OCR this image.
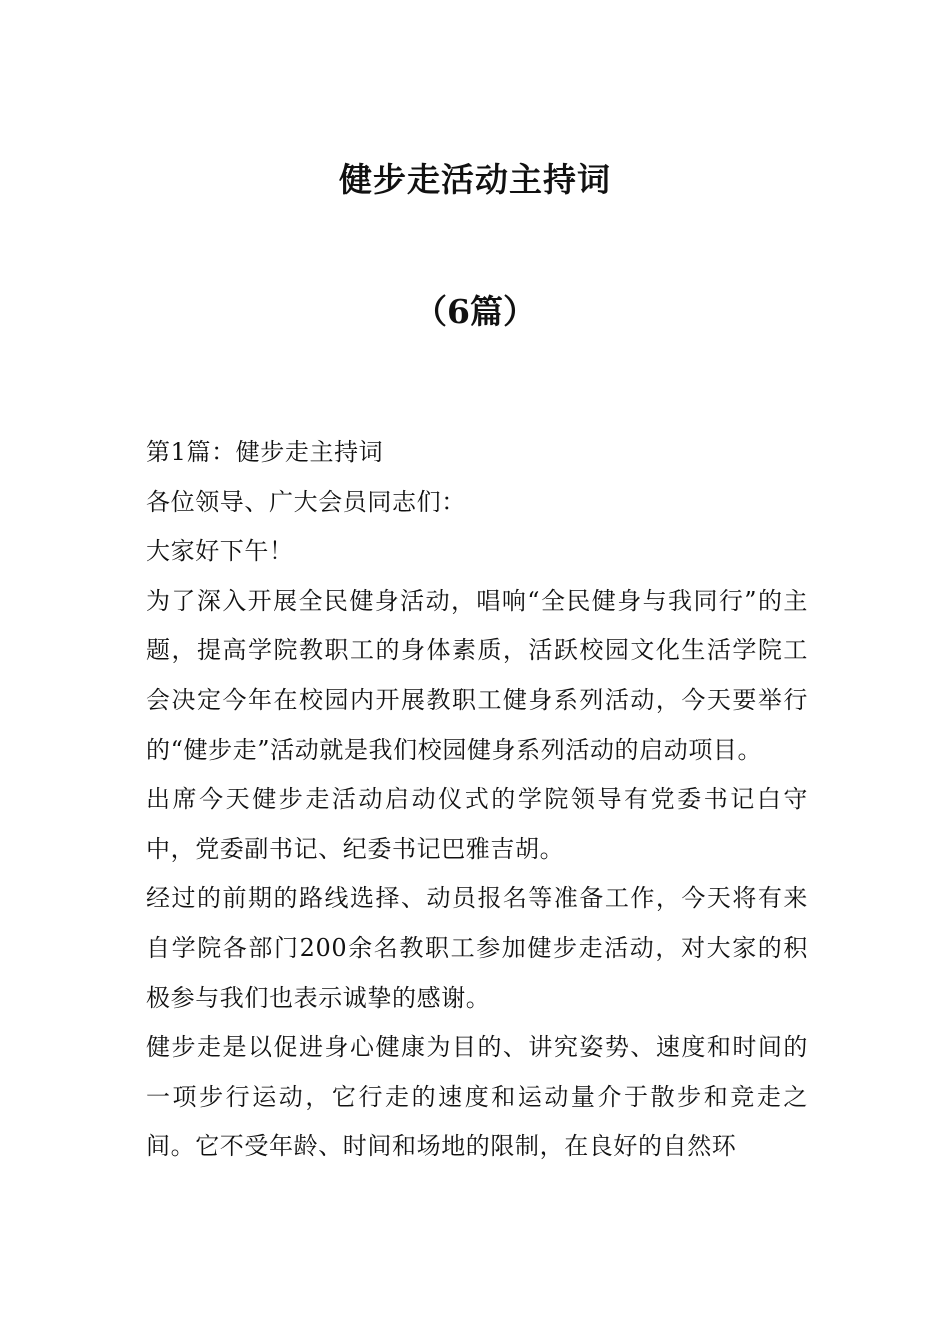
健步走活动主持词
（6篇）

第1篇：健步走主持词

各位领导、广大会员同志们：

大家好下午！

为了深入开展全民健身活动，唱响“全民健身与我同行”的主题，提高学院教职工的身体素质，活跃校园文化生活学院工会决定今年在校园内开展教职工健身系列活动，今天要举行的“健步走”活动就是我们校园健身系列活动的启动项目。

出席今天健步走活动启动仪式的学院领导有党委书记白守中，党委副书记、纪委书记巴雅吉胡。

经过的前期的路线选择、动员报名等准备工作，今天将有来自学院各部门200余名教职工参加健步走活动，对大家的积极参与我们也表示诚挚的感谢。

健步走是以促进身心健康为目的、讲究姿势、速度和时间的一项步行运动，它行走的速度和运动量介于散步和竞走之间。它不受年龄、时间和场地的限制，在良好的自然环
